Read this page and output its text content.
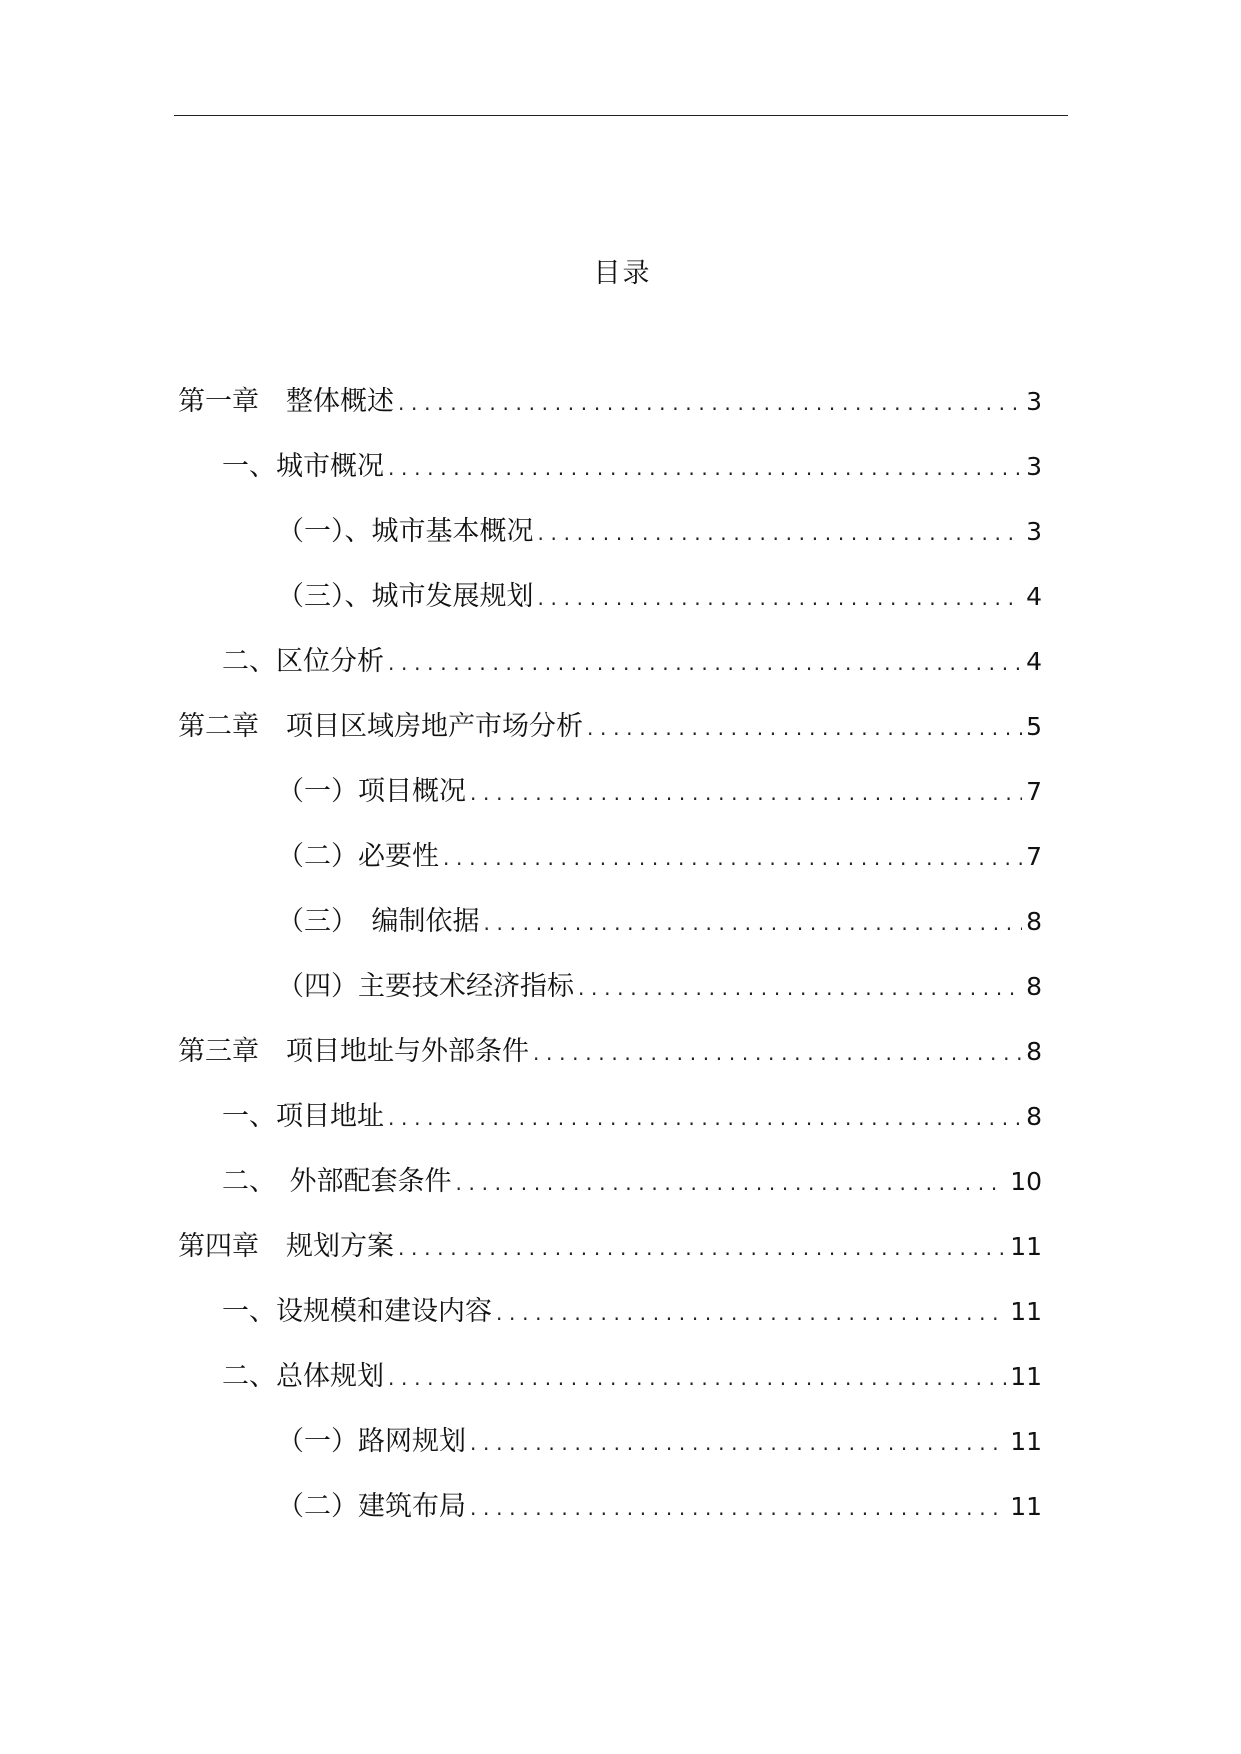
目录
第一章　整体概述 .....	3
一、城市概况 .....	3
（一）、城市基本概况 .....	3
（三）、城市发展规划 .....	4
二、区位分析 .....	4
第二章　项目区域房地产市场分析 .....	5
（一）项目概况 .....	7
（二）必要性 .....	7
（三）　编制依据 .....	8
（四）主要技术经济指标 .....	8
第三章　项目地址与外部条件 .....	8
一、项目地址 .....	8
二、　外部配套条件 .....	10
第四章　规划方案 .....	11
一、设规模和建设内容 .....	11
二、总体规划 .....	11
（一）路网规划 .....	11
（二）建筑布局 .....	11
